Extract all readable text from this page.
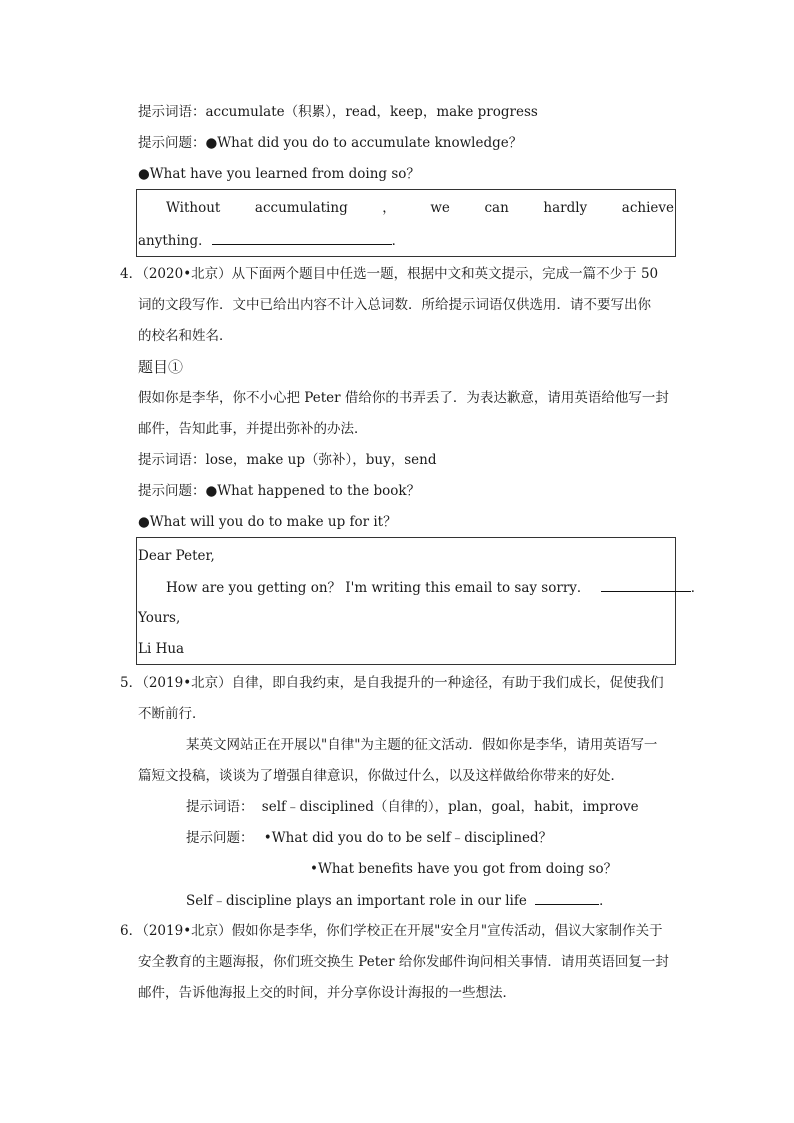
提示词语：accumulate（积累），read，keep，make progress
提示问题：●What did you do to accumulate knowledge？
●What have you learned from doing so？
Without	accumulating	，	we	can	hardly	achieve
anything．	．
4．（2020•北京）从下面两个题目中任选一题，根据中文和英文提示，完成一篇不少于 50
词的文段写作．文中已给出内容不计入总词数．所给提示词语仅供选用．请不要写出你
的校名和姓名．
题目①
假如你是李华，你不小心把 Peter 借给你的书弄丢了．为表达歉意，请用英语给他写一封
邮件，告知此事，并提出弥补的办法．
提示词语：lose，make up（弥补），buy，send
提示问题：●What happened to the book？
●What will you do to make up for it？
Dear Peter,
How are you getting on？ I'm writing this email to say sorry．	．
Yours,
Li Hua
5．（2019•北京）自律，即自我约束，是自我提升的一种途径，有助于我们成长，促使我们
不断前行．
某英文网站正在开展以"自律"为主题的征文活动．假如你是李华，请用英语写一
篇短文投稿，谈谈为了增强自律意识，你做过什么，以及这样做给你带来的好处．
提示词语： self﹣disciplined（自律的），plan，goal，habit，improve
提示问题： •What did you do to be self﹣disciplined？
•What benefits have you got from doing so？
Self﹣discipline plays an important role in our life	．
6．（2019•北京）假如你是李华，你们学校正在开展"安全月"宣传活动，倡议大家制作关于
安全教育的主题海报，你们班交换生 Peter 给你发邮件询问相关事情．请用英语回复一封
邮件，告诉他海报上交的时间，并分享你设计海报的一些想法．
